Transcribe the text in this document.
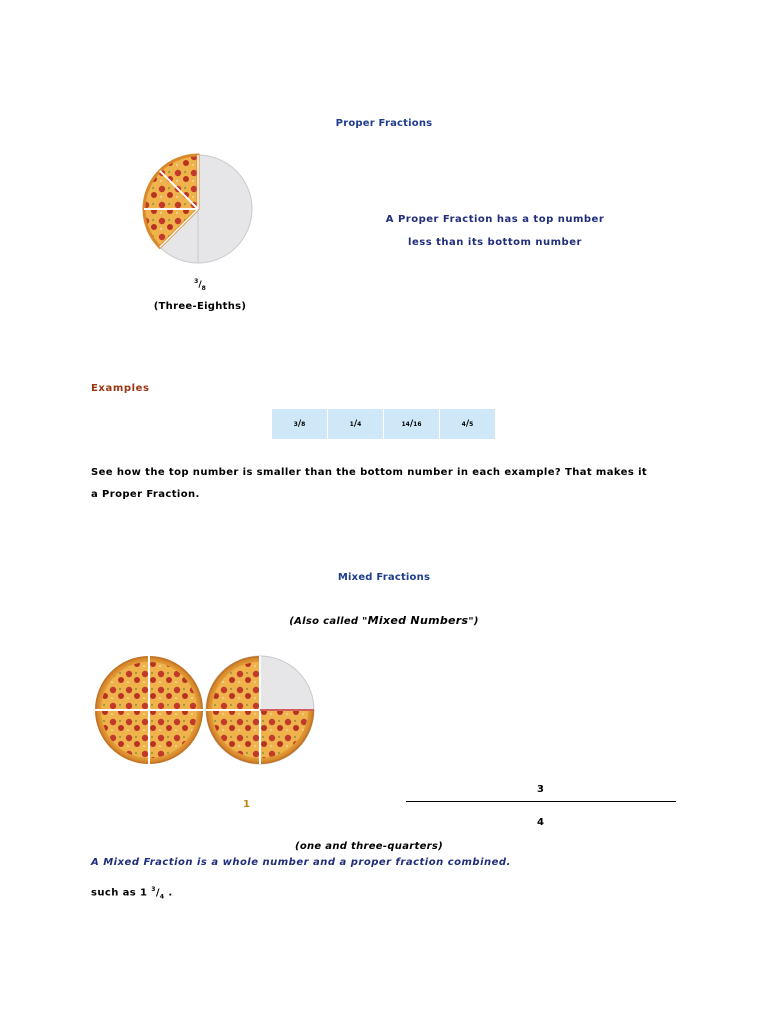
Proper Fractions
$^3/_8$
(Three-Eighths)
A Proper Fraction has a top number
less than its bottom number
Examples
3 / 8	1 / 4	14 / 16	4 / 5
See how the top number is smaller than the bottom number in each example? That makes it a Proper Fraction.
Mixed Fractions
(Also called "Mixed Numbers")
1
3
4
(one and three-quarters)
A Mixed Fraction is a whole number and a proper fraction combined.
such as 1 $^3/_4$ .
